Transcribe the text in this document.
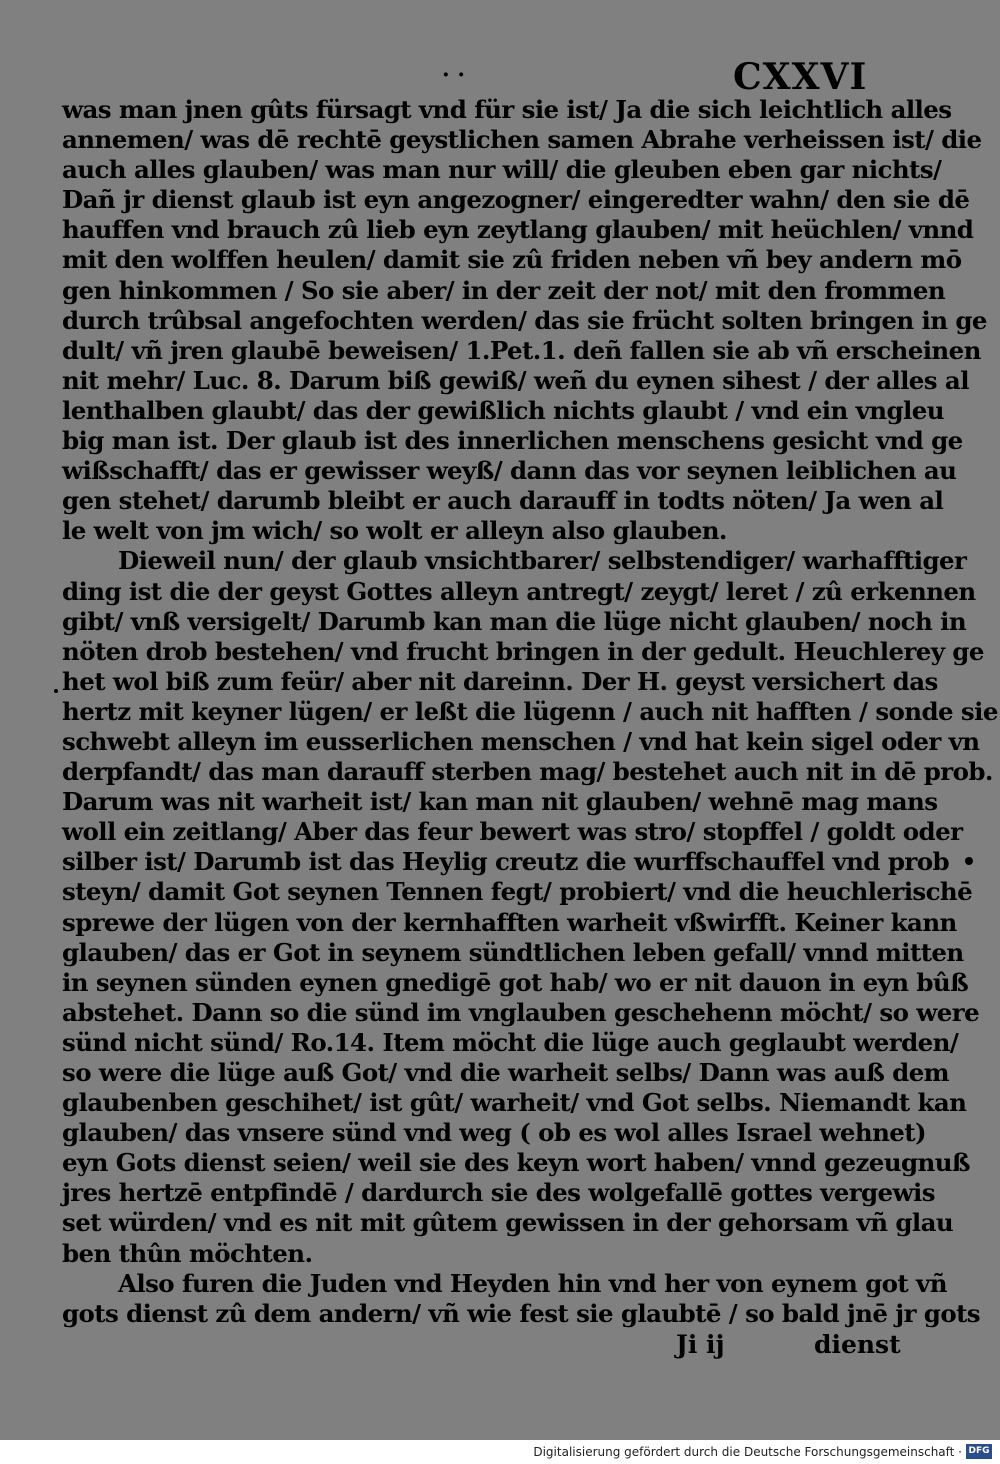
· ·	CXXVI
was man jnen gûts fürsagt vnd für sie ist/ Ja die sich leichtlich alles
annemen/ was dē rechtē geystlichen samen Abrahe verheissen ist/ die
auch alles glauben/ was man nur will/ die gleuben eben gar nichts/
Dañ jr dienst glaub ist eyn angezogner/ eingeredter wahn/ den sie dē
hauffen vnd brauch zû lieb eyn zeytlang glauben/ mit heüchlen/ vnnd
mit den wolffen heulen/ damit sie zû friden neben vñ bey andern mō
gen hinkommen / So sie aber/ in der zeit der not/ mit den frommen
durch trûbsal angefochten werden/ das sie frücht solten bringen in ge
dult/ vñ jren glaubē beweisen/ 1.Pet.1. deñ fallen sie ab vñ erscheinen
nit mehr/ Luc. 8. Darum biß gewiß/ weñ du eynen sihest / der alles al
lenthalben glaubt/ das der gewißlich nichts glaubt / vnd ein vngleu
big man ist. Der glaub ist des innerlichen menschens gesicht vnd ge
wißschafft/ das er gewisser weyß/ dann das vor seynen leiblichen au
gen stehet/ darumb bleibt er auch darauff in todts nöten/ Ja wen al
le welt von jm wich/ so wolt er alleyn also glauben.
Dieweil nun/ der glaub vnsichtbarer/ selbstendiger/ warhafftiger
ding ist die der geyst Gottes alleyn antregt/ zeygt/ leret / zû erkennen
gibt/ vnß versigelt/ Darumb kan man die lüge nicht glauben/ noch in
nöten drob bestehen/ vnd frucht bringen in der gedult. Heuchlerey ge
het wol biß zum feür/ aber nit dareinn. Der H. geyst versichert das
hertz mit keyner lügen/ er leßt die lügenn / auch nit hafften / sonde sie
schwebt alleyn im eusserlichen menschen / vnd hat kein sigel oder vn
derpfandt/ das man darauff sterben mag/ bestehet auch nit in dē prob.
Darum was nit warheit ist/ kan man nit glauben/ wehnē mag mans
woll ein zeitlang/ Aber das feur bewert was stro/ stopffel / goldt oder
silber ist/ Darumb ist das Heylig creutz die wurffschauffel vnd prob
steyn/ damit Got seynen Tennen fegt/ probiert/ vnd die heuchlerischē
sprewe der lügen von der kernhafften warheit vßwirfft. Keiner kann
glauben/ das er Got in seynem sündtlichen leben gefall/ vnnd mitten
in seynen sünden eynen gnedigē got hab/ wo er nit dauon in eyn bûß
abstehet. Dann so die sünd im vnglauben geschehenn möcht/ so were
sünd nicht sünd/ Ro.14. Item möcht die lüge auch geglaubt werden/
so were die lüge auß Got/ vnd die warheit selbs/ Dann was auß dem
glaubenben geschihet/ ist gût/ warheit/ vnd Got selbs. Niemandt kan
glauben/ das vnsere sünd vnd weg ( ob es wol alles Israel wehnet)
eyn Gots dienst seien/ weil sie des keyn wort haben/ vnnd gezeugnuß
jres hertzē entpfindē / dardurch sie des wolgefallē gottes vergewis
set würden/ vnd es nit mit gûtem gewissen in der gehorsam vñ glau
ben thûn möchten.
Also furen die Juden vnd Heyden hin vnd her von eynem got vñ
gots dienst zû dem andern/ vñ wie fest sie glaubtē / so bald jnē jr gots
Ji ij	dienst
Digitalisierung gefördert durch die Deutsche Forschungsgemeinschaft · DFG
